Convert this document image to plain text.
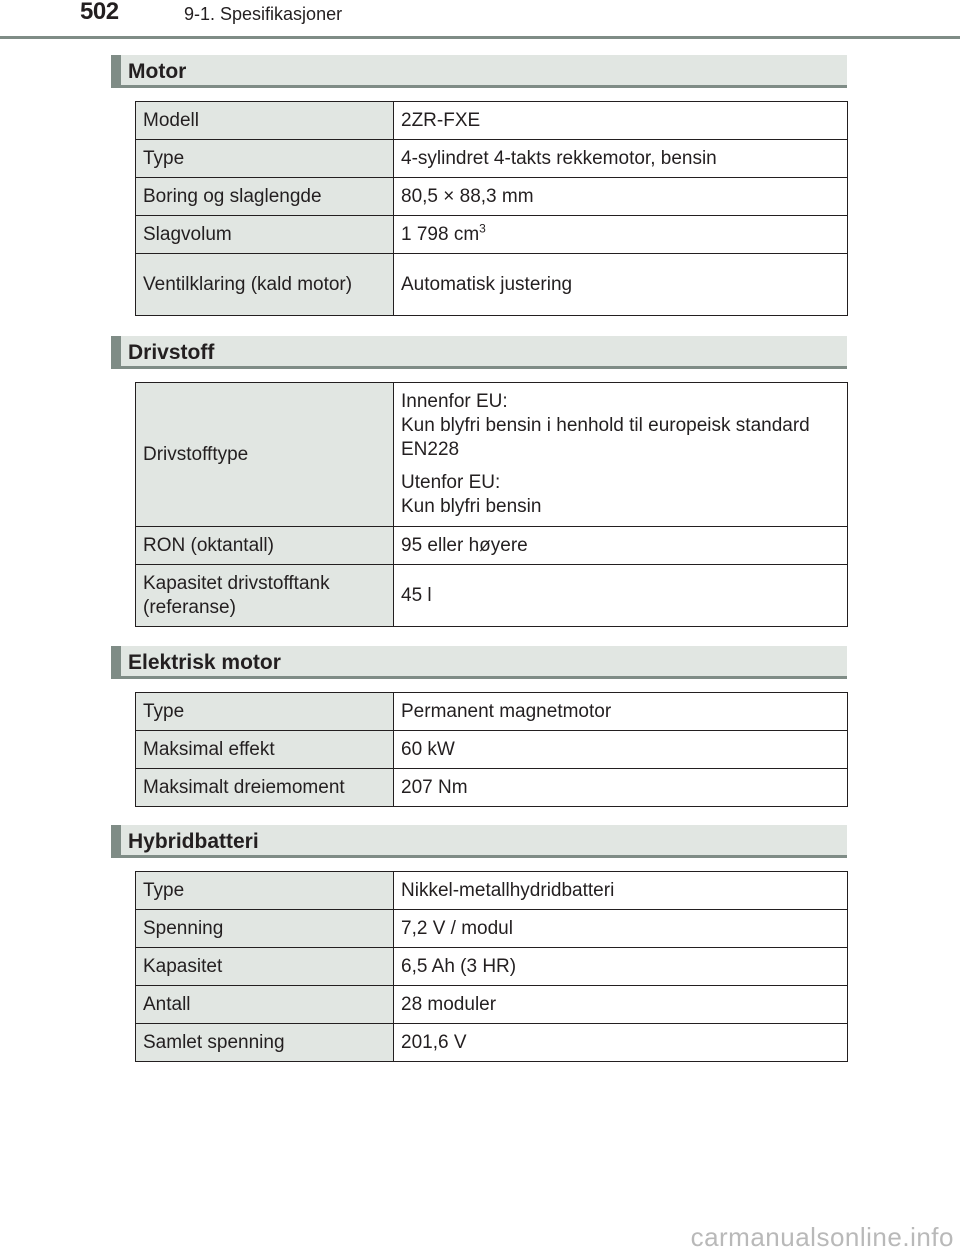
502	9-1. Spesifikasjoner
Motor
Modell	2ZR-FXE
Type	4-sylindret 4-takts rekkemotor, bensin
Boring og slaglengde	80,5 × 88,3 mm
Slagvolum	1 798 $cm^3$
Ventilklaring (kald motor)	Automatisk justering
Drivstoff
Drivstofftype	Innenfor EU:
Kun blyfri bensin i henhold til europeisk standard EN228
Utenfor EU:
Kun blyfri bensin

RON (oktantall)	95 eller høyere
Kapasitet drivstofftank (referanse)	45 l
Elektrisk motor
Type	Permanent magnetmotor
Maksimal effekt	60 kW
Maksimalt dreiemoment	207 Nm
Hybridbatteri
Type	Nikkel-metallhydridbatteri
Spenning	7,2 V / modul
Kapasitet	6,5 Ah (3 HR)
Antall	28 moduler
Samlet spenning	201,6 V
carmanualsonline.info
